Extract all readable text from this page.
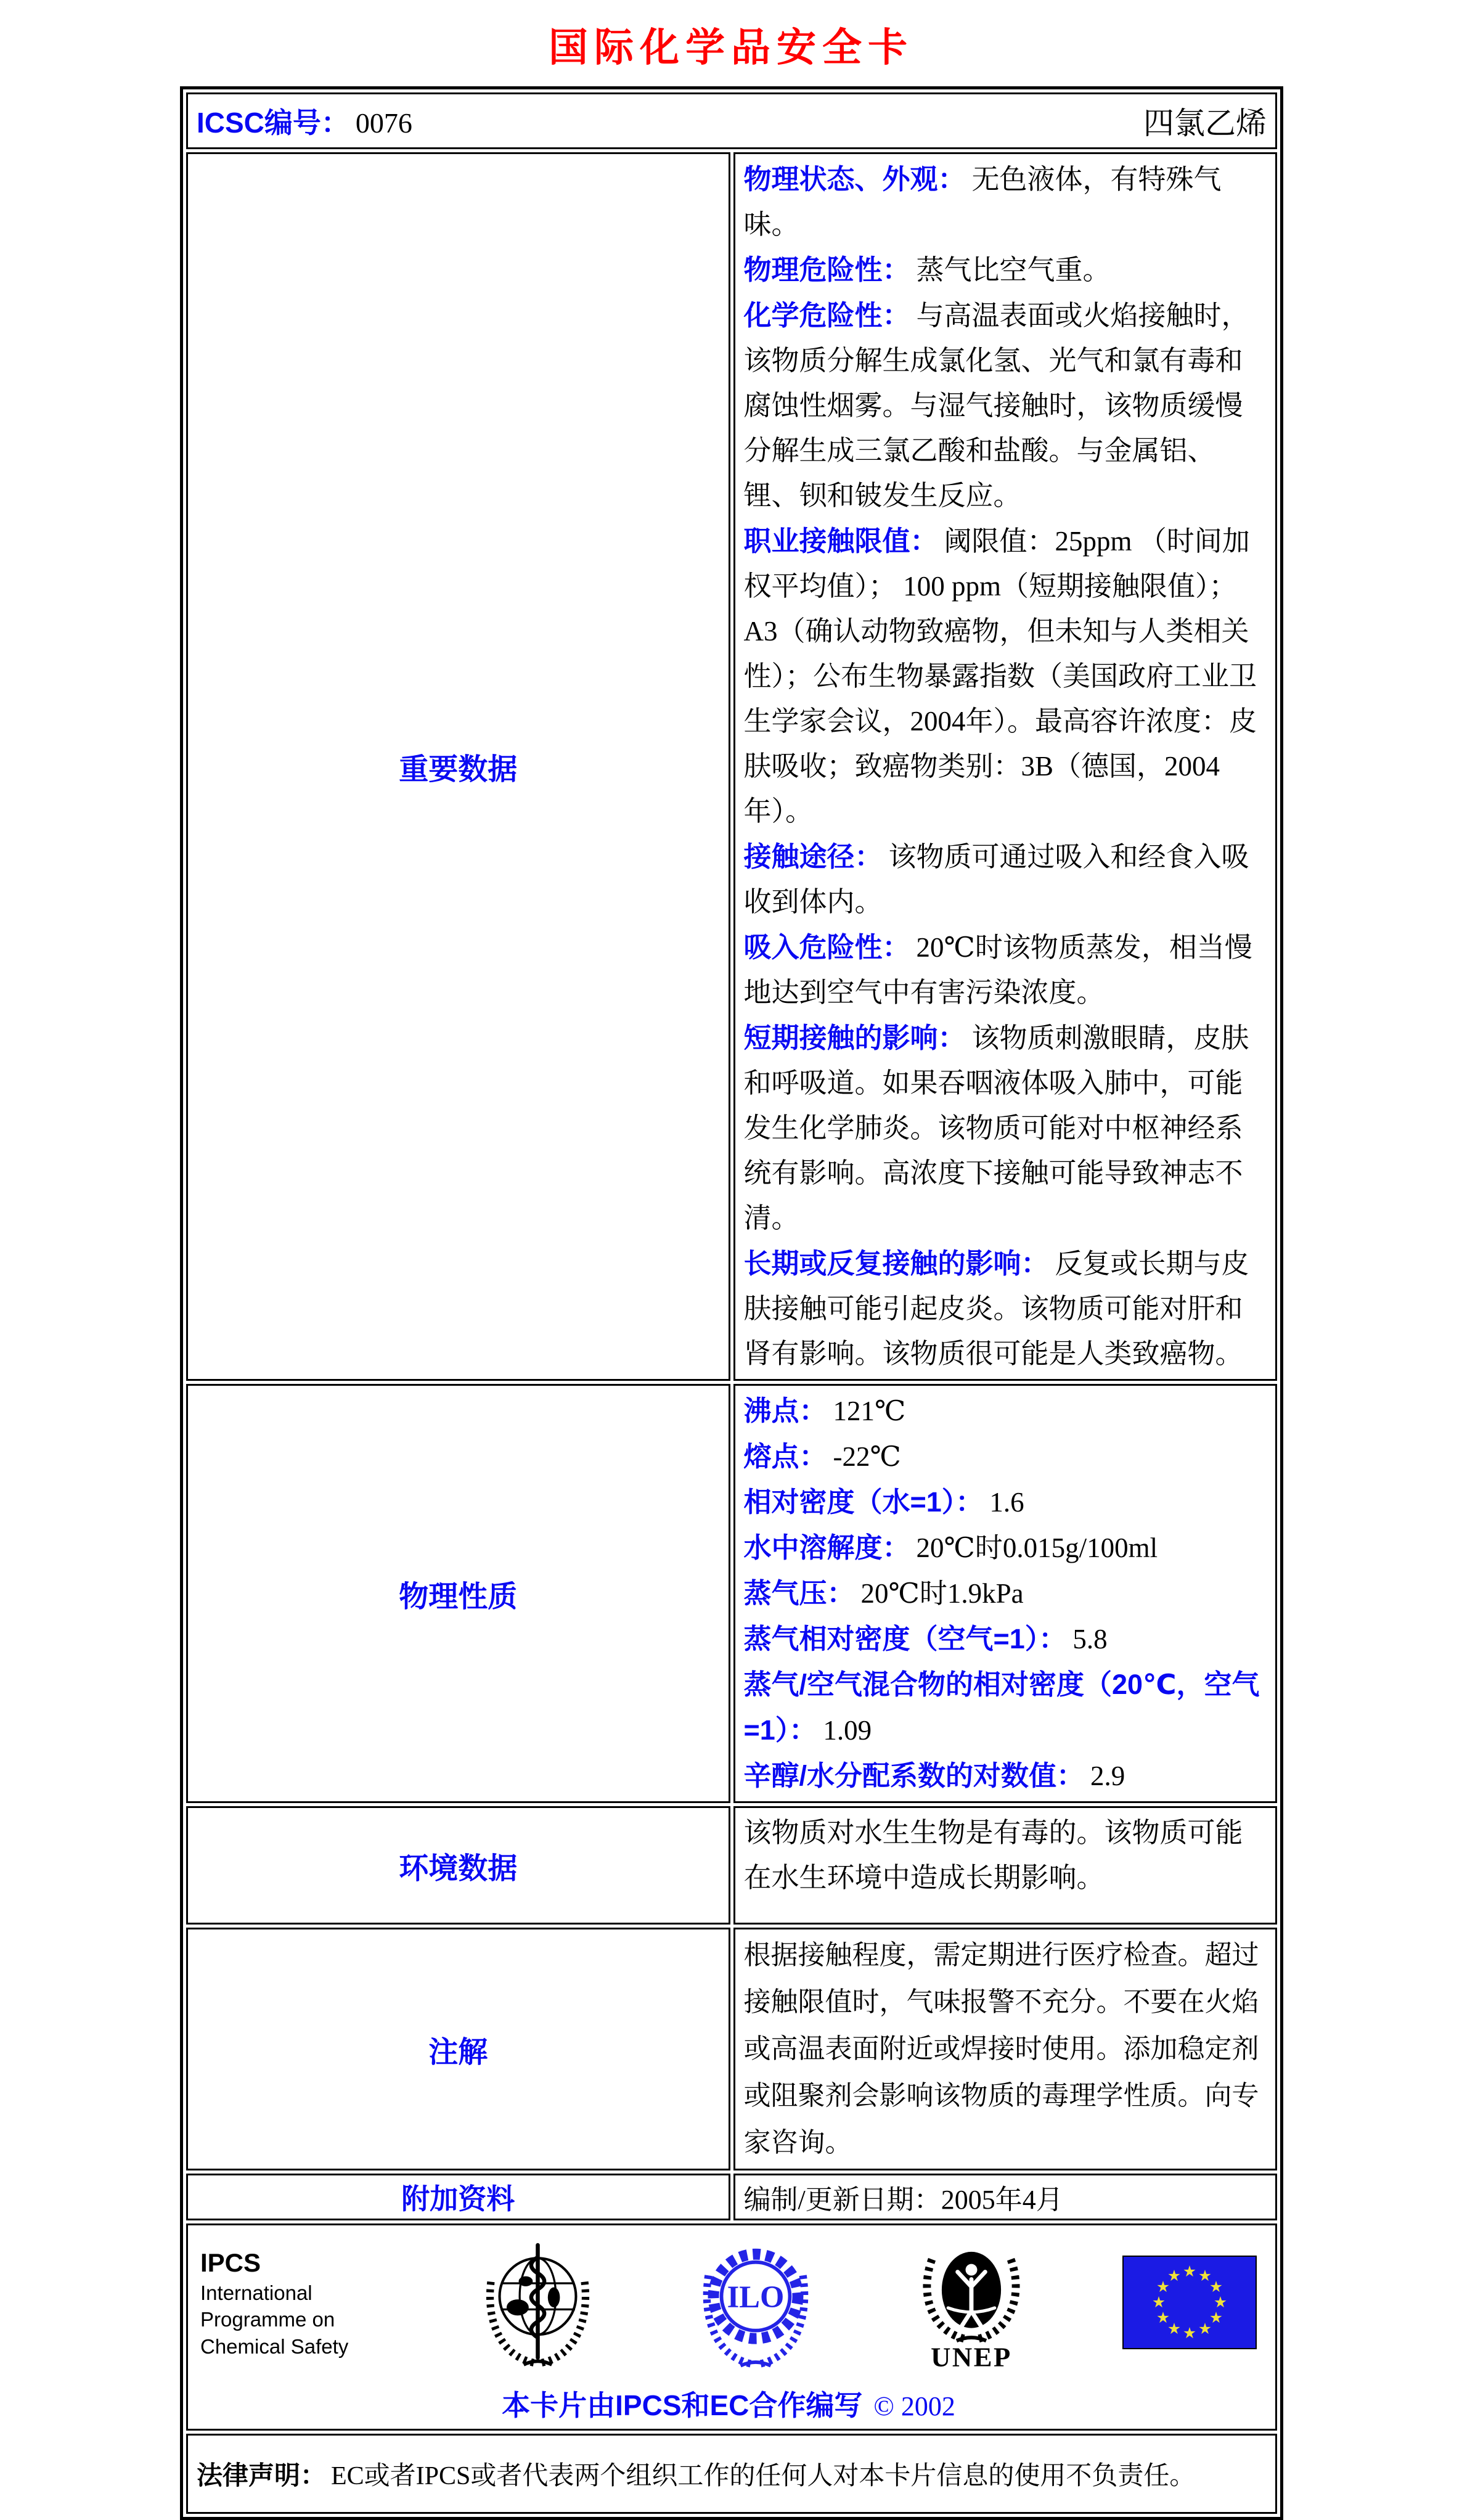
国际化学品安全卡
ICSC编号： 0076 四氯乙烯	

重要数据	

物理状态、外观： 无色液体，有特殊气味。

物理危险性： 蒸气比空气重。

化学危险性： 与高温表面或火焰接触时，该物质分解生成氯化氢、光气和氯有毒和腐蚀性烟雾。与湿气接触时，该物质缓慢分解生成三氯乙酸和盐酸。与金属铝、锂、钡和铍发生反应。

职业接触限值： 阈限值：25ppm （时间加权平均值）； 100 ppm（短期接触限值）；A3（确认动物致癌物，但未知与人类相关性）；公布生物暴露指数（美国政府工业卫生学家会议，2004年）。最高容许浓度：皮肤吸收；致癌物类别：3B（德国，2004年）。

接触途径： 该物质可通过吸入和经食入吸收到体内。

吸入危险性： 20℃时该物质蒸发，相当慢地达到空气中有害污染浓度。

短期接触的影响： 该物质刺激眼睛，皮肤和呼吸道。如果吞咽液体吸入肺中，可能发生化学肺炎。该物质可能对中枢神经系统有影响。高浓度下接触可能导致神志不清。

长期或反复接触的影响： 反复或长期与皮肤接触可能引起皮炎。该物质可能对肝和肾有影响。该物质很可能是人类致癌物。

物理性质	

沸点： 121℃

熔点： -22℃

相对密度（水=1）： 1.6

水中溶解度： 20℃时0.015g/100ml

蒸气压： 20℃时1.9kPa

蒸气相对密度（空气=1）： 5.8

蒸气/空气混合物的相对密度（20℃，空气=1）： 1.09

辛醇/水分配系数的对数值： 2.9

环境数据	该物质对水生生物是有毒的。该物质可能在水生环境中造成长期影响。
注解	根据接触程度，需定期进行医疗检查。超过接触限值时，气味报警不充分。不要在火焰或高温表面附近或焊接时使用。添加稳定剂或阻聚剂会影响该物质的毒理学性质。向专家咨询。

附加资料	编制/更新日期：2005年4月

IPCS
International
Programme on
Chemical Safety
ILO
UNEP
本卡片由IPCS和EC合作编写 © 2002

法律声明： EC或者IPCS或者代表两个组织工作的任何人对本卡片信息的使用不负责任。	
